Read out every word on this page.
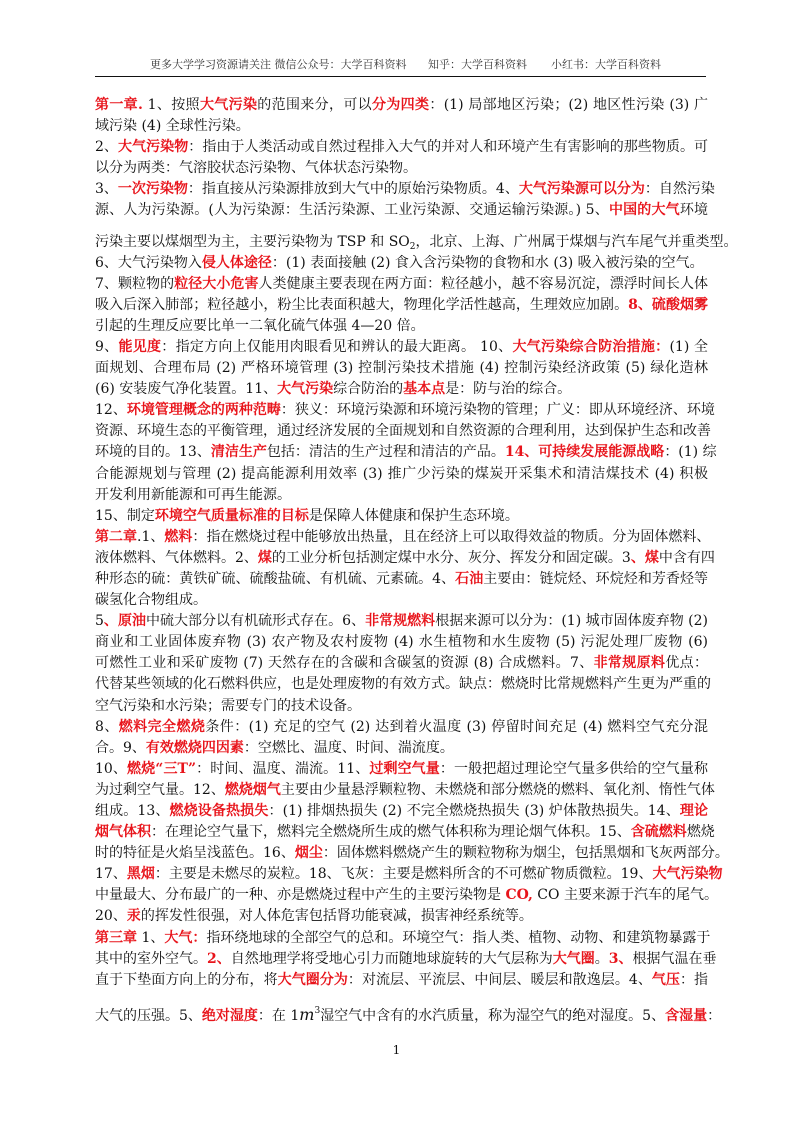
更多大学学习资源请关注 微信公众号：大学百科资料 知乎：大学百科资料 小红书：大学百科资料
第一章. 1、按照大气污染的范围来分，可以分为四类：(1) 局部地区污染；(2) 地区性污染 (3) 广
域污染 (4) 全球性污染。
2、大气污染物：指由于人类活动或自然过程排入大气的并对人和环境产生有害影响的那些物质。可
以分为两类：气溶胶状态污染物、气体状态污染物。
3、一次污染物：指直接从污染源排放到大气中的原始污染物质。4、大气污染源可以分为：自然污染
源、人为污染源。(人为污染源：生活污染源、工业污染源、交通运输污染源。) 5、中国的大气环境
污染主要以煤烟型为主，主要污染物为 TSP 和 $SO_2$，北京、上海、广州属于煤烟与汽车尾气并重类型。
6、大气污染物入侵人体途径：(1) 表面接触 (2) 食入含污染物的食物和水 (3) 吸入被污染的空气。
7、颗粒物的粒径大小危害人类健康主要表现在两方面：粒径越小，越不容易沉淀，漂浮时间长人体
吸入后深入肺部；粒径越小，粉尘比表面积越大，物理化学活性越高，生理效应加剧。8、硫酸烟雾
引起的生理反应要比单一二氧化硫气体强 4—20 倍。
9、能见度：指定方向上仅能用肉眼看见和辨认的最大距离。 10、大气污染综合防治措施：(1) 全
面规划、合理布局 (2) 严格环境管理 (3) 控制污染技术措施 (4) 控制污染经济政策 (5) 绿化造林
(6) 安装废气净化装置。11、大气污染综合防治的基本点是：防与治的综合。
12、环境管理概念的两种范畴：狭义：环境污染源和环境污染物的管理；广义：即从环境经济、环境
资源、环境生态的平衡管理，通过经济发展的全面规划和自然资源的合理利用，达到保护生态和改善
环境的目的。13、清洁生产包括：清洁的生产过程和清洁的产品。14、可持续发展能源战略：(1) 综
合能源规划与管理 (2) 提高能源利用效率 (3) 推广少污染的煤炭开采集术和清洁煤技术 (4) 积极
开发利用新能源和可再生能源。
15、制定环境空气质量标准的目标是保障人体健康和保护生态环境。
第二章.1、燃料：指在燃烧过程中能够放出热量，且在经济上可以取得效益的物质。分为固体燃料、
液体燃料、气体燃料。2、煤的工业分析包括测定煤中水分、灰分、挥发分和固定碳。3、煤中含有四
种形态的硫：黄铁矿硫、硫酸盐硫、有机硫、元素硫。4、石油主要由：链烷烃、环烷烃和芳香烃等
碳氢化合物组成。
5、原油中硫大部分以有机硫形式存在。6、非常规燃料根据来源可以分为：(1) 城市固体废弃物 (2)
商业和工业固体废弃物 (3) 农产物及农村废物 (4) 水生植物和水生废物 (5) 污泥处理厂废物 (6)
可燃性工业和采矿废物 (7) 天然存在的含碳和含碳氢的资源 (8) 合成燃料。7、非常规原料优点：
代替某些领域的化石燃料供应，也是处理废物的有效方式。缺点：燃烧时比常规燃料产生更为严重的
空气污染和水污染；需要专门的技术设备。
8、燃料完全燃烧条件：(1) 充足的空气 (2) 达到着火温度 (3) 停留时间充足 (4) 燃料空气充分混
合。9、有效燃烧四因素：空燃比、温度、时间、湍流度。
10、燃烧“三T”：时间、温度、湍流。11、过剩空气量：一般把超过理论空气量多供给的空气量称
为过剩空气量。12、燃烧烟气主要由少量悬浮颗粒物、未燃烧和部分燃烧的燃料、氧化剂、惰性气体
组成。13、燃烧设备热损失：(1) 排烟热损失 (2) 不完全燃烧热损失 (3) 炉体散热损失。14、理论
烟气体积：在理论空气量下，燃料完全燃烧所生成的燃气体积称为理论烟气体积。15、含硫燃料燃烧
时的特征是火焰呈浅蓝色。16、烟尘：固体燃料燃烧产生的颗粒物称为烟尘，包括黑烟和飞灰两部分。
17、黑烟：主要是未燃尽的炭粒。18、飞灰：主要是燃料所含的不可燃矿物质微粒。19、大气污染物
中量最大、分布最广的一种、亦是燃烧过程中产生的主要污染物是 CO, CO 主要来源于汽车的尾气。
20、汞的挥发性很强，对人体危害包括肾功能衰减，损害神经系统等。
第三章 1、大气：指环绕地球的全部空气的总和。环境空气：指人类、植物、动物、和建筑物暴露于
其中的室外空气。2、自然地理学将受地心引力而随地球旋转的大气层称为大气圈。3、根据气温在垂
直于下垫面方向上的分布，将大气圈分为：对流层、平流层、中间层、暖层和散逸层。4、气压：指
大气的压强。5、绝对湿度：在 $1m^3$湿空气中含有的水汽质量，称为湿空气的绝对湿度。5、含湿量：
1
